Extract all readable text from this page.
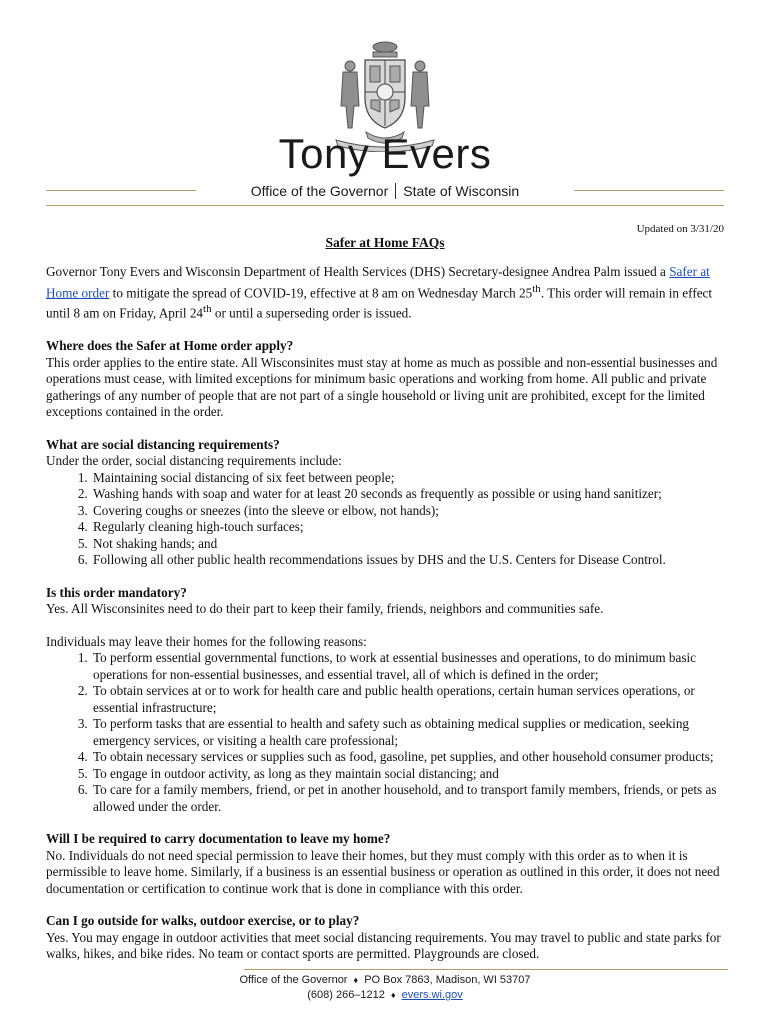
Tony Evers
Office of the Governor State of Wisconsin
Updated on 3/31/20
Safer at Home FAQs

Governor Tony Evers and Wisconsin Department of Health Services (DHS) Secretary-designee Andrea Palm issued a Safer at Home order to mitigate the spread of COVID-19, effective at 8 am on Wednesday March 25th. This order will remain in effect until 8 am on Friday, April 24th or until a superseding order is issued.

Where does the Safer at Home order apply?

This order applies to the entire state. All Wisconsinites must stay at home as much as possible and non-essential businesses and operations must cease, with limited exceptions for minimum basic operations and working from home. All public and private gatherings of any number of people that are not part of a single household or living unit are prohibited, except for the limited exceptions contained in the order.

What are social distancing requirements?
Under the order, social distancing requirements include:
1. Maintaining social distancing of six feet between people;
2. Washing hands with soap and water for at least 20 seconds as frequently as possible or using hand sanitizer;
3. Covering coughs or sneezes (into the sleeve or elbow, not hands);
4. Regularly cleaning high-touch surfaces;
5. Not shaking hands; and
6. Following all other public health recommendations issues by DHS and the U.S. Centers for Disease Control.
Is this order mandatory?

Yes. All Wisconsinites need to do their part to keep their family, friends, neighbors and communities safe.

Individuals may leave their homes for the following reasons:
1. To perform essential governmental functions, to work at essential businesses and operations, to do minimum basic operations for non-essential businesses, and essential travel, all of which is defined in the order;
2. To obtain services at or to work for health care and public health operations, certain human services operations, or essential infrastructure;
3. To perform tasks that are essential to health and safety such as obtaining medical supplies or medication, seeking emergency services, or visiting a health care professional;
4. To obtain necessary services or supplies such as food, gasoline, pet supplies, and other household consumer products;
5. To engage in outdoor activity, as long as they maintain social distancing; and
6. To care for a family members, friend, or pet in another household, and to transport family members, friends, or pets as allowed under the order.
Will I be required to carry documentation to leave my home?

No. Individuals do not need special permission to leave their homes, but they must comply with this order as to when it is permissible to leave home. Similarly, if a business is an essential business or operation as outlined in this order, it does not need documentation or certification to continue work that is done in compliance with this order.

Can I go outside for walks, outdoor exercise, or to play?

Yes. You may engage in outdoor activities that meet social distancing requirements. You may travel to public and state parks for walks, hikes, and bike rides. No team or contact sports are permitted. Playgrounds are closed.

Office of the Governor ♦ PO Box 7863, Madison, WI 53707
(608) 266–1212 ♦ evers.wi.gov
